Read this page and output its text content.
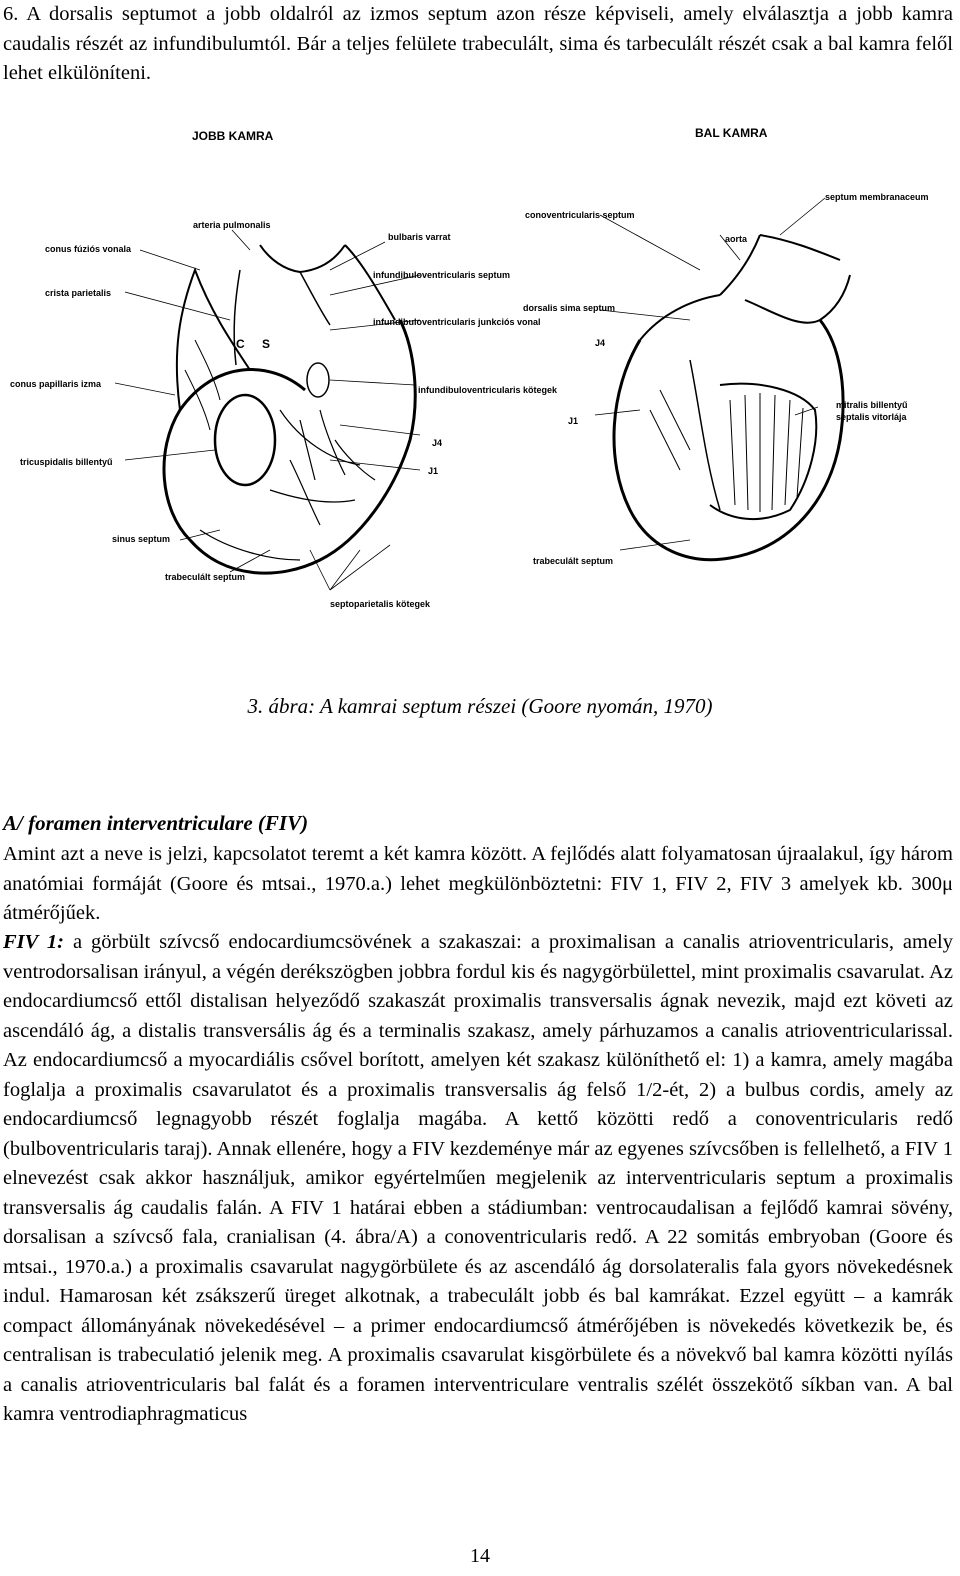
6. A dorsalis septumot a jobb oldalról az izmos septum azon része képviseli, amely elválasztja a jobb kamra caudalis részét az infundibulumtól. Bár a teljes felülete trabeculált, sima és tarbeculált részét csak a bal kamra felől lehet elkülöníteni.

JOBB KAMRA
arteria pulmonalis
conus fúziós vonala
bulbaris varrat
crista parietalis
infundibuloventricularis septum
infundibuloventricularis junkciós vonal
conus papillaris izma
infundibuloventricularis kötegek
tricuspidalis billentyű
sinus septum
trabeculált septum
septoparietalis kötegek
J4
J1
C S
BAL KAMRA
septum membranaceum
conoventricularis septum
aorta
dorsalis sima septum
J4
mitralis billentyű
septalis vitorlája
J1
trabeculált septum
3. ábra: A kamrai septum részei (Goore nyomán, 1970)
A/ foramen interventriculare (FIV)

Amint azt a neve is jelzi, kapcsolatot teremt a két kamra között. A fejlődés alatt folyamatosan újraalakul, így három anatómiai formáját (Goore és mtsai., 1970.a.) lehet megkülönböztetni: FIV 1, FIV 2, FIV 3 amelyek kb. 300μ átmérőjűek.

FIV 1: a görbült szívcső endocardiumcsövének a szakaszai: a proximalisan a canalis atrioventricularis, amely ventrodorsalisan irányul, a végén derékszögben jobbra fordul kis és nagygörbülettel, mint proximalis csavarulat. Az endocardiumcső ettől distalisan helyeződő szakaszát proximalis transversalis ágnak nevezik, majd ezt követi az ascendáló ág, a distalis transversális ág és a terminalis szakasz, amely párhuzamos a canalis atrioventricularissal. Az endocardiumcső a myocardiális csővel borított, amelyen két szakasz különíthető el: 1) a kamra, amely magába foglalja a proximalis csavarulatot és a proximalis transversalis ág felső 1/2-ét, 2) a bulbus cordis, amely az endocardiumcső legnagyobb részét foglalja magába. A kettő közötti redő a conoventricularis redő (bulboventricularis taraj). Annak ellenére, hogy a FIV kezdeménye már az egyenes szívcsőben is fellelhető, a FIV 1 elnevezést csak akkor használjuk, amikor egyértelműen megjelenik az interventricularis septum a proximalis transversalis ág caudalis falán. A FIV 1 határai ebben a stádiumban: ventrocaudalisan a fejlődő kamrai sövény, dorsalisan a szívcső fala, cranialisan (4. ábra/A) a conoventricularis redő. A 22 somitás embryoban (Goore és mtsai., 1970.a.) a proximalis csavarulat nagygörbülete és az ascendáló ág dorsolateralis fala gyors növekedésnek indul. Hamarosan két zsákszerű üreget alkotnak, a trabeculált jobb és bal kamrákat. Ezzel együtt – a kamrák compact állományának növekedésével – a primer endocardiumcső átmérőjében is növekedés következik be, és centralisan is trabeculatió jelenik meg. A proximalis csavarulat kisgörbülete és a növekvő bal kamra közötti nyílás a canalis atrioventricularis bal falát és a foramen interventriculare ventralis szélét összekötő síkban van. A bal kamra ventrodiaphragmaticus

14
